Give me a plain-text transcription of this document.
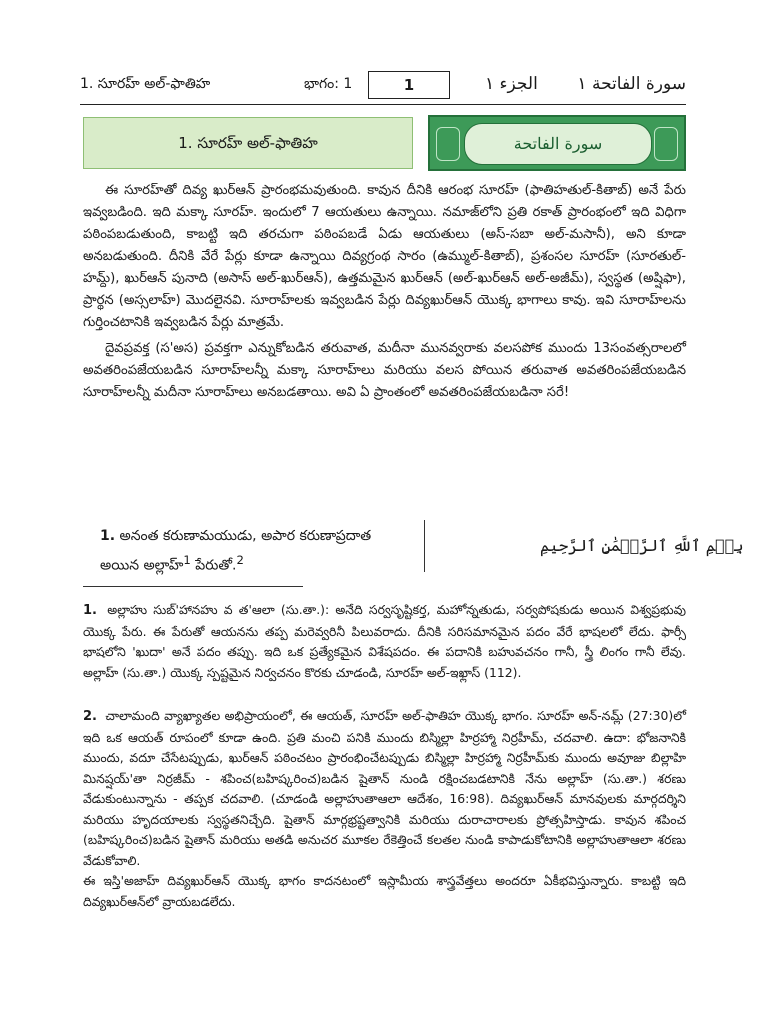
1. సూరహ్ అల్-ఫాతిహ	భాగం: 1	1	الجزء ١ سورة الفاتحة ١
1. సూరహ్ అల్-ఫాతిహ	سورة الفاتحة

ఈ సూరహ్‌తో దివ్య ఖుర్ఆన్ ప్రారంభమవుతుంది. కావున దీనికి ఆరంభ సూరహ్ (ఫాతిహతుల్-కితాబ్) అనే పేరు ఇవ్వబడింది. ఇది మక్కా సూరహ్. ఇందులో 7 ఆయతులు ఉన్నాయి. నమాజ్‌లోని ప్రతి రకాత్ ప్రారంభంలో ఇది విధిగా పఠింపబడుతుంది, కాబట్టి ఇది తరచుగా పఠింపబడే ఏడు ఆయతులు (అస్-సబా అల్-మసానీ), అని కూడా అనబడుతుంది. దీనికి వేరే పేర్లు కూడా ఉన్నాయి దివ్యగ్రంథ సారం (ఉమ్ముల్-కితాబ్), ప్రశంసల సూరహ్ (సూరతుల్-హమ్ద్), ఖుర్ఆన్ పునాది (అసాస్ అల్-ఖుర్ఆన్), ఉత్తమమైన ఖుర్ఆన్ (అల్-ఖుర్ఆన్ అల్-అజీమ్), స్వస్థత (అష్షిఫా), ప్రార్థన (అస్సలాహ్) మొదలైనవి. సూరాహ్‌లకు ఇవ్వబడిన పేర్లు దివ్యఖుర్ఆన్ యొక్క భాగాలు కావు. ఇవి సూరాహ్‌లను గుర్తించటానికి ఇవ్వబడిన పేర్లు మాత్రమే.

దైవప్రవక్త (స'అస) ప్రవక్తగా ఎన్నుకోబడిన తరువాత, మదీనా మునవ్వరాకు వలసపోక ముందు 13సంవత్సరాలలో అవతరింపజేయబడిన సూరాహ్‌లన్నీ మక్కా సూరాహ్‌లు మరియు వలస పోయిన తరువాత అవతరింపజేయబడిన సూరాహ్‌లన్నీ మదీనా సూరాహ్‌లు అనబడతాయి. అవి ఏ ప్రాంతంలో అవతరింపజేయబడినా సరే!

1. అనంత కరుణామయుడు, అపార కరుణాప్రదాత అయిన అల్లాహ్$^1$ పేరుతో.$^2$
بِسۡمِ ٱللَّهِ ٱلرَّحۡمَٰنِ ٱلرَّحِيمِ
1. అల్లాహు సుబ్'హానహు వ త'ఆలా (సు.తా.): అనేది సర్వసృష్టికర్త, మహోన్నతుడు, సర్వపోషకుడు అయిన విశ్వప్రభువు యొక్క పేరు. ఈ పేరుతో ఆయనను తప్ప మరెవ్వరినీ పిలువరాదు. దీనికి సరిసమానమైన పదం వేరే భాషలలో లేదు. ఫార్సీ భాషలోని 'ఖుదా' అనే పదం తప్పు. ఇది ఒక ప్రత్యేకమైన విశేషపదం. ఈ పదానికి బహువచనం గానీ, స్త్రీ లింగం గానీ లేవు. అల్లాహ్ (సు.తా.) యొక్క స్పష్టమైన నిర్వచనం కొరకు చూడండి, సూరహ్ అల్-ఇఖ్లాస్ (112).
2. చాలామంది వ్యాఖ్యాతల అభిప్రాయంలో, ఈ ఆయత్, సూరహ్ అల్-ఫాతిహ యొక్క భాగం. సూరహ్ అన్-నమ్ల్ (27:30)లో ఇది ఒక ఆయత్ రూపంలో కూడా ఉంది. ప్రతి మంచి పనికి ముందు బిస్మిల్లా హిర్రహ్మా నిర్రహీమ్, చదవాలి. ఉదా: భోజనానికి ముందు, వదూ చేసేటప్పుడు, ఖుర్ఆన్ పఠించటం ప్రారంభించేటప్పుడు బిస్మిల్లా హిర్రహ్మా నిర్రహీమ్‌కు ముందు అవూజు బిల్లాహి మినష్షయ్'తా నిర్రజీమ్ - శపించ(బహిష్కరించ)బడిన షైతాన్ నుండి రక్షించబడటానికి నేను అల్లాహ్ (సు.తా.) శరణు వేడుకుంటున్నాను - తప్పక చదవాలి. (చూడండి అల్లాహుతాఆలా ఆదేశం, 16:98). దివ్యఖుర్ఆన్ మానవులకు మార్గదర్శిని మరియు హృదయాలకు స్వస్థతనిచ్చేది. షైతాన్ మార్గభ్రష్టత్వానికి మరియు దురాచారాలకు ప్రోత్సహిస్తాడు. కావున శపించ (బహిష్కరించ)బడిన షైతాన్ మరియు అతడి అనుచర మూకల రేకెత్తించే కలతల నుండి కాపాడుకోటానికి అల్లాహుతాఆలా శరణు వేడుకోవాలి.
ఈ ఇస్తి'అజాహ్ దివ్యఖుర్ఆన్ యొక్క భాగం కాదనటంలో ఇస్లామీయ శాస్త్రవేత్తలు అందరూ ఏకీభవిస్తున్నారు. కాబట్టి ఇది దివ్యఖుర్ఆన్‌లో వ్రాయబడలేదు.
